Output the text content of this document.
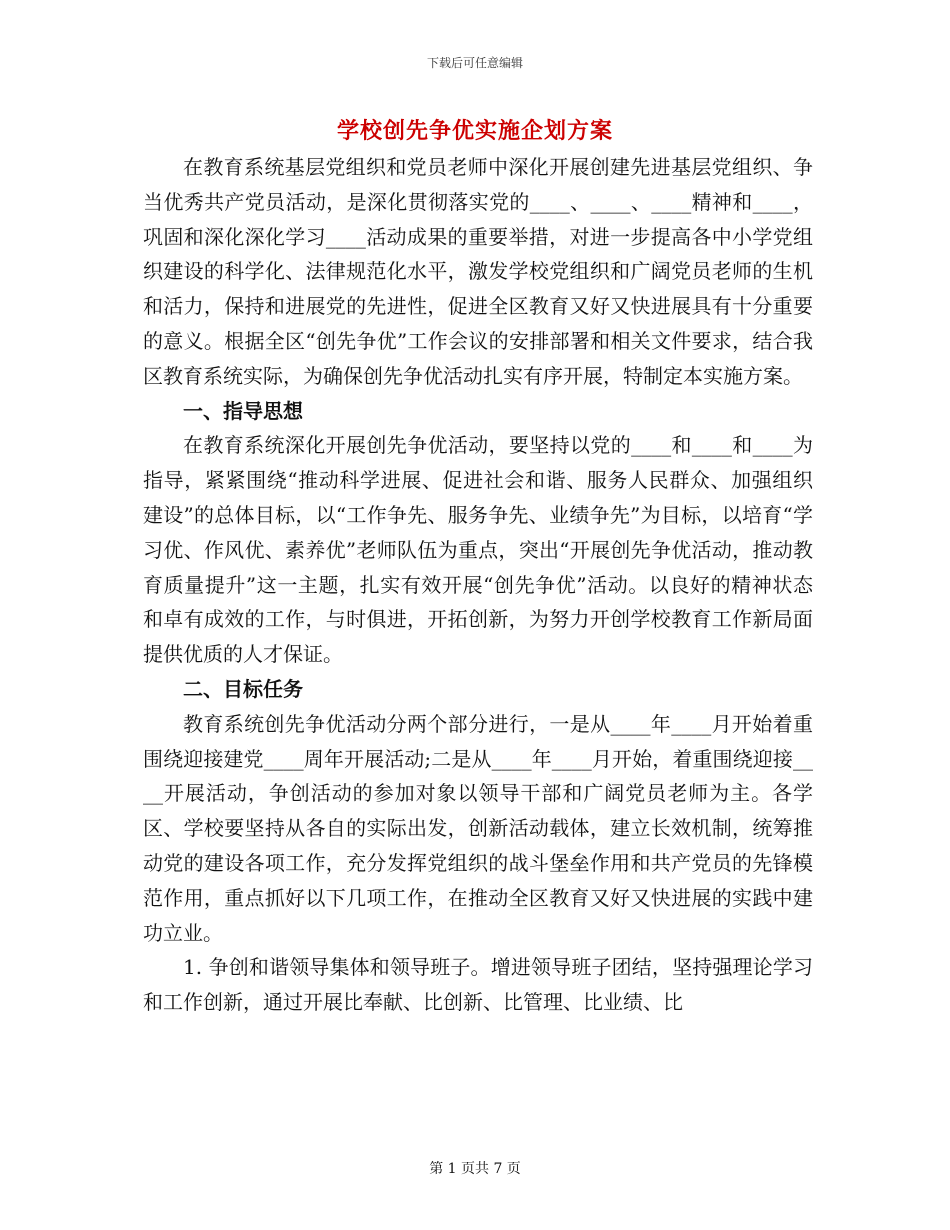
下载后可任意编辑
学校创先争优实施企划方案

在教育系统基层党组织和党员老师中深化开展创建先进基层党组织、争当优秀共产党员活动，是深化贯彻落实党的____、____、____精神和____，巩固和深化深化学习____活动成果的重要举措，对进一步提高各中小学党组织建设的科学化、法律规范化水平，激发学校党组织和广阔党员老师的生机和活力，保持和进展党的先进性，促进全区教育又好又快进展具有十分重要的意义。根据全区“创先争优”工作会议的安排部署和相关文件要求，结合我区教育系统实际，为确保创先争优活动扎实有序开展，特制定本实施方案。

一、指导思想

在教育系统深化开展创先争优活动，要坚持以党的____和____和____为指导，紧紧围绕“推动科学进展、促进社会和谐、服务人民群众、加强组织建设”的总体目标，以“工作争先、服务争先、业绩争先”为目标，以培育“学习优、作风优、素养优”老师队伍为重点，突出“开展创先争优活动，推动教育质量提升”这一主题，扎实有效开展“创先争优”活动。以良好的精神状态和卓有成效的工作，与时俱进，开拓创新，为努力开创学校教育工作新局面提供优质的人才保证。

二、目标任务

教育系统创先争优活动分两个部分进行，一是从____年____月开始着重围绕迎接建党____周年开展活动;二是从____年____月开始，着重围绕迎接____开展活动，争创活动的参加对象以领导干部和广阔党员老师为主。各学区、学校要坚持从各自的实际出发，创新活动载体，建立长效机制，统筹推动党的建设各项工作，充分发挥党组织的战斗堡垒作用和共产党员的先锋模范作用，重点抓好以下几项工作，在推动全区教育又好又快进展的实践中建功立业。

1. 争创和谐领导集体和领导班子。增进领导班子团结，坚持强理论学习和工作创新，通过开展比奉献、比创新、比管理、比业绩、比

第 1 页共 7 页
